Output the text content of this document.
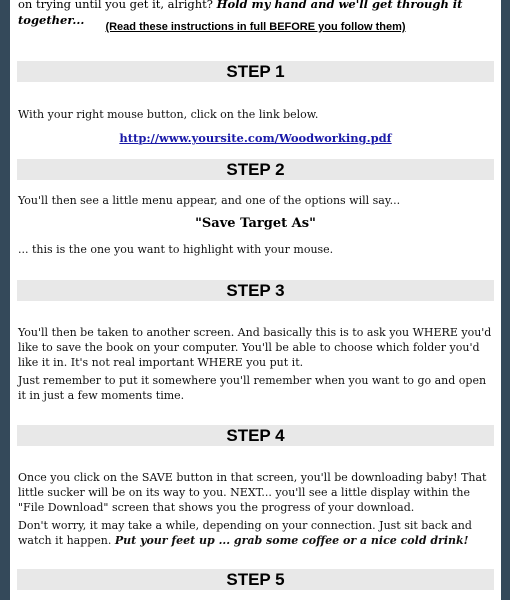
on trying until you get it, alright? Hold my hand and we'll get through it together...	(Read these instructions in full BEFORE you follow them)
STEP 1
With your right mouse button, click on the link below.
http://www.yoursite.com/Woodworking.pdf
STEP 2
You'll then see a little menu appear, and one of the options will say...
"Save Target As"
... this is the one you want to highlight with your mouse.
STEP 3
You'll then be taken to another screen. And basically this is to ask you WHERE you'd like to save the book on your computer. You'll be able to choose which folder you'd like it in. It's not real important WHERE you put it.
Just remember to put it somewhere you'll remember when you want to go and open it in just a few moments time.
STEP 4
Once you click on the SAVE button in that screen, you'll be downloading baby! That little sucker will be on its way to you. NEXT... you'll see a little display within the "File Download" screen that shows you the progress of your download.
Don't worry, it may take a while, depending on your connection. Just sit back and watch it happen. Put your feet up ... grab some coffee or a nice cold drink!
STEP 5
